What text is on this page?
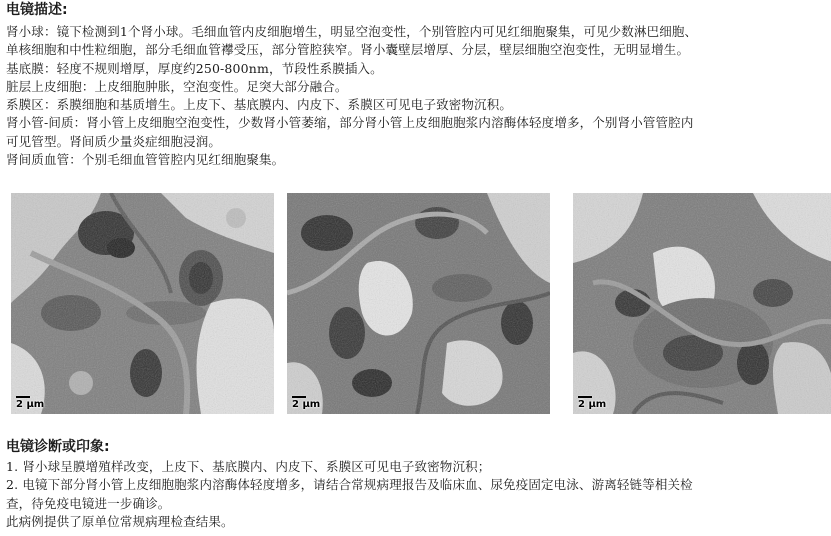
电镜描述:
肾小球：镜下检测到1个肾小球。毛细血管内皮细胞增生，明显空泡变性，个别管腔内可见红细胞聚集，可见少数淋巴细胞、
单核细胞和中性粒细胞，部分毛细血管襻受压，部分管腔狭窄。肾小囊壁层增厚、分层，壁层细胞空泡变性，无明显增生。
基底膜：轻度不规则增厚，厚度约250-800nm，节段性系膜插入。
脏层上皮细胞：上皮细胞肿胀，空泡变性。足突大部分融合。
系膜区：系膜细胞和基质增生。上皮下、基底膜内、内皮下、系膜区可见电子致密物沉积。
肾小管-间质：肾小管上皮细胞空泡变性，少数肾小管萎缩，部分肾小管上皮细胞胞浆内溶酶体轻度增多，个别肾小管管腔内
可见管型。肾间质少量炎症细胞浸润。
肾间质血管：个别毛细血管管腔内见红细胞聚集。
2 μm	2 μm	2 μm
电镜诊断或印象:
1. 肾小球呈膜增殖样改变，上皮下、基底膜内、内皮下、系膜区可见电子致密物沉积；
2. 电镜下部分肾小管上皮细胞胞浆内溶酶体轻度增多，请结合常规病理报告及临床血、尿免疫固定电泳、游离轻链等相关检
查，待免疫电镜进一步确诊。
此病例提供了原单位常规病理检查结果。
